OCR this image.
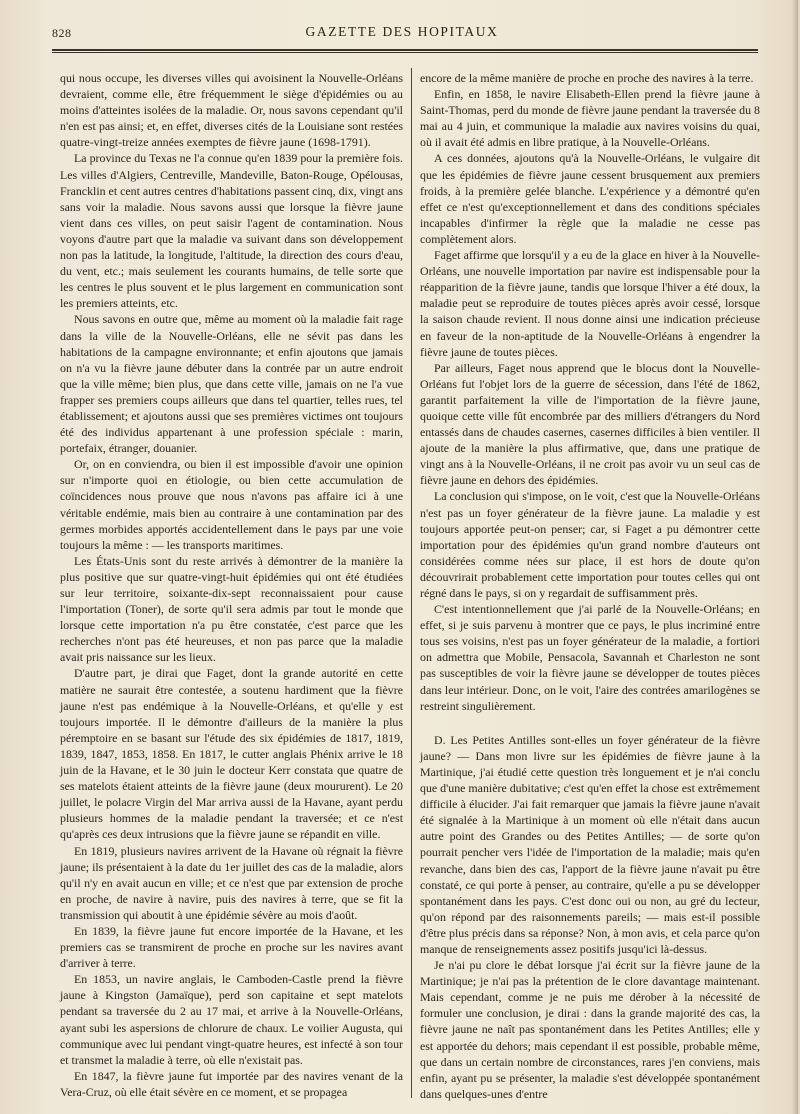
828	GAZETTE DES HOPITAUX

qui nous occupe, les diverses villes qui avoisinent la Nouvelle-Orléans devraient, comme elle, être fréquemment le siège d'épidémies ou au moins d'atteintes isolées de la maladie. Or, nous savons cependant qu'il n'en est pas ainsi; et, en effet, diverses cités de la Louisiane sont restées quatre-vingt-treize années exemptes de fièvre jaune (1698-1791).

La province du Texas ne l'a connue qu'en 1839 pour la première fois. Les villes d'Algiers, Centreville, Mandeville, Baton-Rouge, Opélousas, Francklin et cent autres centres d'habitations passent cinq, dix, vingt ans sans voir la maladie. Nous savons aussi que lorsque la fièvre jaune vient dans ces villes, on peut saisir l'agent de contamination. Nous voyons d'autre part que la maladie va suivant dans son développement non pas la latitude, la longitude, l'altitude, la direction des cours d'eau, du vent, etc.; mais seulement les courants humains, de telle sorte que les centres le plus souvent et le plus largement en communication sont les premiers atteints, etc.

Nous savons en outre que, même au moment où la maladie fait rage dans la ville de la Nouvelle-Orléans, elle ne sévit pas dans les habitations de la campagne environnante; et enfin ajoutons que jamais on n'a vu la fièvre jaune débuter dans la contrée par un autre endroit que la ville même; bien plus, que dans cette ville, jamais on ne l'a vue frapper ses premiers coups ailleurs que dans tel quartier, telles rues, tel établissement; et ajoutons aussi que ses premières victimes ont toujours été des individus appartenant à une profession spéciale : marin, portefaix, étranger, douanier.

Or, on en conviendra, ou bien il est impossible d'avoir une opinion sur n'importe quoi en étiologie, ou bien cette accumulation de coïncidences nous prouve que nous n'avons pas affaire ici à une véritable endémie, mais bien au contraire à une contamination par des germes morbides apportés accidentellement dans le pays par une voie toujours la même : — les transports maritimes.

Les États-Unis sont du reste arrivés à démontrer de la manière la plus positive que sur quatre-vingt-huit épidémies qui ont été étudiées sur leur territoire, soixante-dix-sept reconnaissaient pour cause l'importation (Toner), de sorte qu'il sera admis par tout le monde que lorsque cette importation n'a pu être constatée, c'est parce que les recherches n'ont pas été heureuses, et non pas parce que la maladie avait pris naissance sur les lieux.

D'autre part, je dirai que Faget, dont la grande autorité en cette matière ne saurait être contestée, a soutenu hardiment que la fièvre jaune n'est pas endémique à la Nouvelle-Orléans, et qu'elle y est toujours importée. Il le démontre d'ailleurs de la manière la plus péremptoire en se basant sur l'étude des six épidémies de 1817, 1819, 1839, 1847, 1853, 1858. En 1817, le cutter anglais Phénix arrive le 18 juin de la Havane, et le 30 juin le docteur Kerr constata que quatre de ses matelots étaient atteints de la fièvre jaune (deux moururent). Le 20 juillet, le polacre Virgin del Mar arriva aussi de la Havane, ayant perdu plusieurs hommes de la maladie pendant la traversée; et ce n'est qu'après ces deux intrusions que la fièvre jaune se répandit en ville.

En 1819, plusieurs navires arrivent de la Havane où régnait la fièvre jaune; ils présentaient à la date du 1er juillet des cas de la maladie, alors qu'il n'y en avait aucun en ville; et ce n'est que par extension de proche en proche, de navire à navire, puis des navires à terre, que se fit la transmission qui aboutit à une épidémie sévère au mois d'août.

En 1839, la fièvre jaune fut encore importée de la Havane, et les premiers cas se transmirent de proche en proche sur les navires avant d'arriver à terre.

En 1853, un navire anglais, le Camboden-Castle prend la fièvre jaune à Kingston (Jamaïque), perd son capitaine et sept matelots pendant sa traversée du 2 au 17 mai, et arrive à la Nouvelle-Orléans, ayant subi les aspersions de chlorure de chaux. Le voilier Augusta, qui communique avec lui pendant vingt-quatre heures, est infecté à son tour et transmet la maladie à terre, où elle n'existait pas.

En 1847, la fièvre jaune fut importée par des navires venant de la Vera-Cruz, où elle était sévère en ce moment, et se propagea

encore de la même manière de proche en proche des navires à la terre.

Enfin, en 1858, le navire Elisabeth-Ellen prend la fièvre jaune à Saint-Thomas, perd du monde de fièvre jaune pendant la traversée du 8 mai au 4 juin, et communique la maladie aux navires voisins du quai, où il avait été admis en libre pratique, à la Nouvelle-Orléans.

A ces données, ajoutons qu'à la Nouvelle-Orléans, le vulgaire dit que les épidémies de fièvre jaune cessent brusquement aux premiers froids, à la première gelée blanche. L'expérience y a démontré qu'en effet ce n'est qu'exceptionnellement et dans des conditions spéciales incapables d'infirmer la règle que la maladie ne cesse pas complètement alors.

Faget affirme que lorsqu'il y a eu de la glace en hiver à la Nouvelle-Orléans, une nouvelle importation par navire est indispensable pour la réapparition de la fièvre jaune, tandis que lorsque l'hiver a été doux, la maladie peut se reproduire de toutes pièces après avoir cessé, lorsque la saison chaude revient. Il nous donne ainsi une indication précieuse en faveur de la non-aptitude de la Nouvelle-Orléans à engendrer la fièvre jaune de toutes pièces.

Par ailleurs, Faget nous apprend que le blocus dont la Nouvelle-Orléans fut l'objet lors de la guerre de sécession, dans l'été de 1862, garantit parfaitement la ville de l'importation de la fièvre jaune, quoique cette ville fût encombrée par des milliers d'étrangers du Nord entassés dans de chaudes casernes, casernes difficiles à bien ventiler. Il ajoute de la manière la plus affirmative, que, dans une pratique de vingt ans à la Nouvelle-Orléans, il ne croit pas avoir vu un seul cas de fièvre jaune en dehors des épidémies.

La conclusion qui s'impose, on le voit, c'est que la Nouvelle-Orléans n'est pas un foyer générateur de la fièvre jaune. La maladie y est toujours apportée peut-on penser; car, si Faget a pu démontrer cette importation pour des épidémies qu'un grand nombre d'auteurs ont considérées comme nées sur place, il est hors de doute qu'on découvrirait probablement cette importation pour toutes celles qui ont régné dans le pays, si on y regardait de suffisamment près.

C'est intentionnellement que j'ai parlé de la Nouvelle-Orléans; en effet, si je suis parvenu à montrer que ce pays, le plus incriminé entre tous ses voisins, n'est pas un foyer générateur de la maladie, a fortiori on admettra que Mobile, Pensacola, Savannah et Charleston ne sont pas susceptibles de voir la fièvre jaune se développer de toutes pièces dans leur intérieur. Donc, on le voit, l'aire des contrées amarilogènes se restreint singulièrement.

D. Les Petites Antilles sont-elles un foyer générateur de la fièvre jaune? — Dans mon livre sur les épidémies de fièvre jaune à la Martinique, j'ai étudié cette question très longuement et je n'ai conclu que d'une manière dubitative; c'est qu'en effet la chose est extrêmement difficile à élucider. J'ai fait remarquer que jamais la fièvre jaune n'avait été signalée à la Martinique à un moment où elle n'était dans aucun autre point des Grandes ou des Petites Antilles; — de sorte qu'on pourrait pencher vers l'idée de l'importation de la maladie; mais qu'en revanche, dans bien des cas, l'apport de la fièvre jaune n'avait pu être constaté, ce qui porte à penser, au contraire, qu'elle a pu se développer spontanément dans les pays. C'est donc oui ou non, au gré du lecteur, qu'on répond par des raisonnements pareils; — mais est-il possible d'être plus précis dans sa réponse? Non, à mon avis, et cela parce qu'on manque de renseignements assez positifs jusqu'ici là-dessus.

Je n'ai pu clore le débat lorsque j'ai écrit sur la fièvre jaune de la Martinique; je n'ai pas la prétention de le clore davantage maintenant. Mais cependant, comme je ne puis me dérober à la nécessité de formuler une conclusion, je dirai : dans la grande majorité des cas, la fièvre jaune ne naît pas spontanément dans les Petites Antilles; elle y est apportée du dehors; mais cependant il est possible, probable même, que dans un certain nombre de circonstances, rares j'en conviens, mais enfin, ayant pu se présenter, la maladie s'est développée spontanément dans quelques-unes d'entre
